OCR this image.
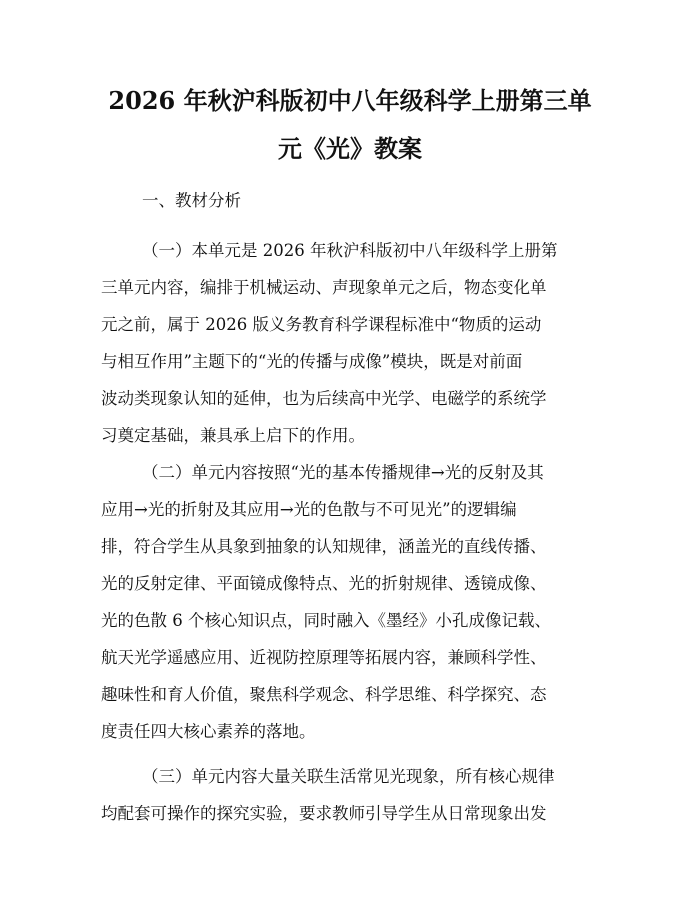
2026 年秋沪科版初中八年级科学上册第三单
元《光》教案
一、教材分析
（一）本单元是 2026 年秋沪科版初中八年级科学上册第
三单元内容，编排于机械运动、声现象单元之后，物态变化单
元之前，属于 2026 版义务教育科学课程标准中“物质的运动
与相互作用”主题下的“光的传播与成像”模块，既是对前面
波动类现象认知的延伸，也为后续高中光学、电磁学的系统学
习奠定基础，兼具承上启下的作用。
（二）单元内容按照“光的基本传播规律→光的反射及其
应用→光的折射及其应用→光的色散与不可见光”的逻辑编
排，符合学生从具象到抽象的认知规律，涵盖光的直线传播、
光的反射定律、平面镜成像特点、光的折射规律、透镜成像、
光的色散 6 个核心知识点，同时融入《墨经》小孔成像记载、
航天光学遥感应用、近视防控原理等拓展内容，兼顾科学性、
趣味性和育人价值，聚焦科学观念、科学思维、科学探究、态
度责任四大核心素养的落地。
（三）单元内容大量关联生活常见光现象，所有核心规律
均配套可操作的探究实验，要求教师引导学生从日常现象出发
